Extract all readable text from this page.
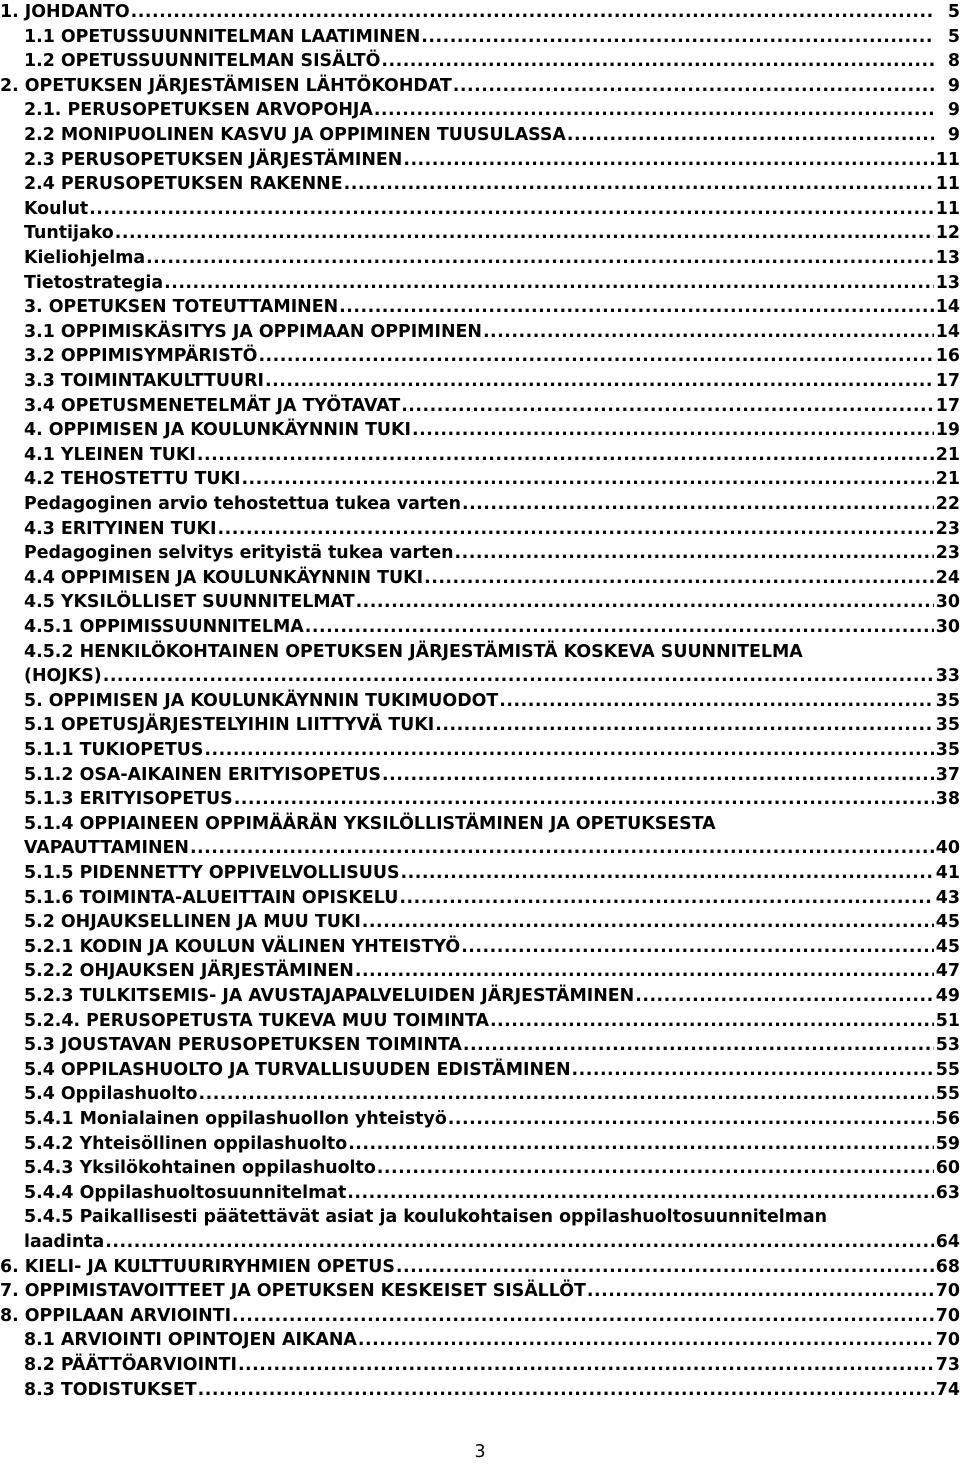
1. JOHDANTO .....	5
1.1 OPETUSSUUNNITELMAN LAATIMINEN .....	5
1.2 OPETUSSUUNNITELMAN SISÄLTÖ .....	8
2. OPETUKSEN JÄRJESTÄMISEN LÄHTÖKOHDAT .....	9
2.1. PERUSOPETUKSEN ARVOPOHJA .....	9
2.2 MONIPUOLINEN KASVU JA OPPIMINEN TUUSULASSA .....	9
2.3 PERUSOPETUKSEN JÄRJESTÄMINEN .....	11
2.4 PERUSOPETUKSEN RAKENNE .....	11
Koulut .....	11
Tuntijako .....	12
Kieliohjelma .....	13
Tietostrategia .....	13
3. OPETUKSEN TOTEUTTAMINEN .....	14
3.1 OPPIMISKÄSITYS JA OPPIMAAN OPPIMINEN .....	14
3.2 OPPIMISYMPÄRISTÖ .....	16
3.3 TOIMINTAKULTTUURI .....	17
3.4 OPETUSMENETELMÄT JA TYÖTAVAT .....	17
4. OPPIMISEN JA KOULUNKÄYNNIN TUKI .....	19
4.1 YLEINEN TUKI .....	21
4.2 TEHOSTETTU TUKI .....	21
Pedagoginen arvio tehostettua tukea varten .....	22
4.3 ERITYINEN TUKI .....	23
Pedagoginen selvitys erityistä tukea varten .....	23
4.4 OPPIMISEN JA KOULUNKÄYNNIN TUKI .....	24
4.5 YKSILÖLLISET SUUNNITELMAT .....	30
4.5.1 OPPIMISSUUNNITELMA .....	30
4.5.2 HENKILÖKOHTAINEN OPETUKSEN JÄRJESTÄMISTÄ KOSKEVA SUUNNITELMA
(HOJKS) .....	33
5. OPPIMISEN JA KOULUNKÄYNNIN TUKIMUODOT .....	35
5.1 OPETUSJÄRJESTELYIHIN LIITTYVÄ TUKI .....	35
5.1.1 TUKIOPETUS .....	35
5.1.2 OSA-AIKAINEN ERITYISOPETUS .....	37
5.1.3 ERITYISOPETUS .....	38
5.1.4 OPPIAINEEN OPPIMÄÄRÄN YKSILÖLLISTÄMINEN JA OPETUKSESTA
VAPAUTTAMINEN .....	40
5.1.5 PIDENNETTY OPPIVELVOLLISUUS .....	41
5.1.6 TOIMINTA-ALUEITTAIN OPISKELU .....	43
5.2 OHJAUKSELLINEN JA MUU TUKI .....	45
5.2.1 KODIN JA KOULUN VÄLINEN YHTEISTYÖ .....	45
5.2.2 OHJAUKSEN JÄRJESTÄMINEN .....	47
5.2.3 TULKITSEMIS- JA AVUSTAJAPALVELUIDEN JÄRJESTÄMINEN .....	49
5.2.4. PERUSOPETUSTA TUKEVA MUU TOIMINTA .....	51
5.3 JOUSTAVAN PERUSOPETUKSEN TOIMINTA .....	53
5.4 OPPILASHUOLTO JA TURVALLISUUDEN EDISTÄMINEN .....	55
5.4 Oppilashuolto .....	55
5.4.1 Monialainen oppilashuollon yhteistyö .....	56
5.4.2 Yhteisöllinen oppilashuolto .....	59
5.4.3 Yksilökohtainen oppilashuolto .....	60
5.4.4 Oppilashuoltosuunnitelmat .....	63
5.4.5 Paikallisesti päätettävät asiat ja koulukohtaisen oppilashuoltosuunnitelman
laadinta .....	64
6. KIELI- JA KULTTUURIRYHMIEN OPETUS .....	68
7. OPPIMISTAVOITTEET JA OPETUKSEN KESKEISET SISÄLLÖT .....	70
8. OPPILAAN ARVIOINTI .....	70
8.1 ARVIOINTI OPINTOJEN AIKANA .....	70
8.2 PÄÄTTÖARVIOINTI .....	73
8.3 TODISTUKSET .....	74
3
